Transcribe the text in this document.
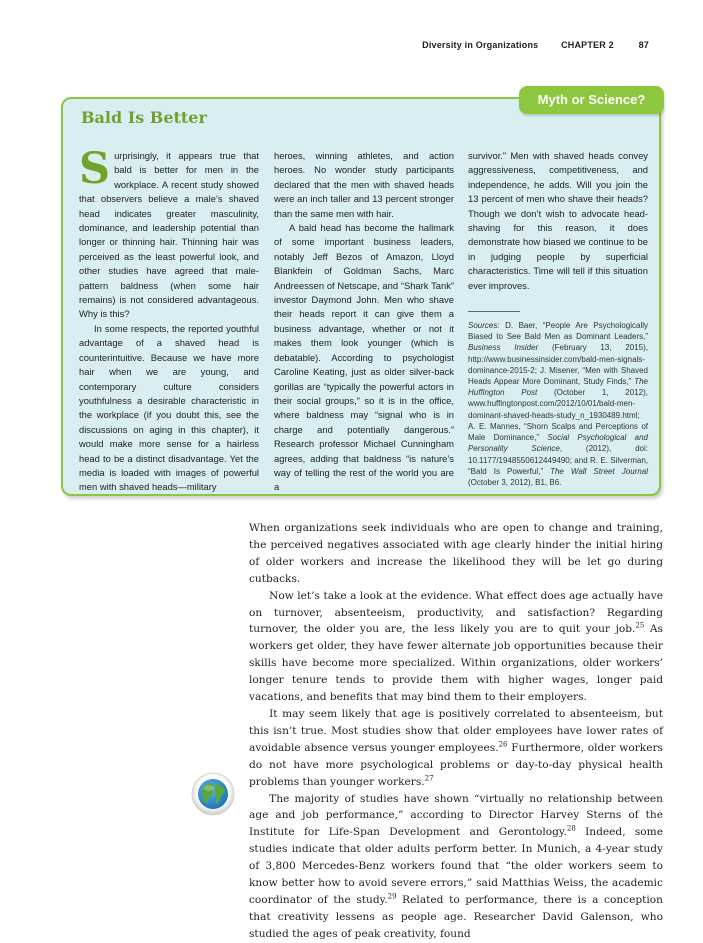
Diversity in Organizations	CHAPTER 2	87
Myth or Science?
Bald Is Better

Surprisingly, it appears true that bald is better for men in the workplace. A recent study showed that observers believe a male’s shaved head indicates greater masculinity, dominance, and leadership potential than longer or thinning hair. Thinning hair was perceived as the least powerful look, and other studies have agreed that male-pattern baldness (when some hair remains) is not considered advantageous. Why is this?

In some respects, the reported youthful advantage of a shaved head is counterintuitive. Because we have more hair when we are young, and contemporary culture considers youthfulness a desirable characteristic in the workplace (if you doubt this, see the discussions on aging in this chapter), it would make more sense for a hairless head to be a distinct disadvantage. Yet the media is loaded with images of powerful men with shaved heads—military

heroes, winning athletes, and action heroes. No wonder study participants declared that the men with shaved heads were an inch taller and 13 percent stronger than the same men with hair.

A bald head has become the hallmark of some important business leaders, notably Jeff Bezos of Amazon, Lloyd Blankfein of Goldman Sachs, Marc Andreessen of Netscape, and “Shark Tank” investor Daymond John. Men who shave their heads report it can give them a business advantage, whether or not it makes them look younger (which is debatable). According to psychologist Caroline Keating, just as older silver-back gorillas are “typically the powerful actors in their social groups,” so it is in the office, where baldness may “signal who is in charge and potentially dangerous.” Research professor Michael Cunningham agrees, adding that baldness “is nature’s way of telling the rest of the world you are a

survivor.” Men with shaved heads convey aggressiveness, competitiveness, and independence, he adds. Will you join the 13 percent of men who shave their heads? Though we don’t wish to advocate head-shaving for this reason, it does demonstrate how biased we continue to be in judging people by superficial characteristics. Time will tell if this situation ever improves.

Sources: D. Baer, “People Are Psychologically Biased to See Bald Men as Dominant Leaders,” Business Insider (February 13, 2015), http://www.businessinsider.com/bald-men-signals-dominance-2015-2; J. Misener, “Men with Shaved Heads Appear More Dominant, Study Finds,” The Huffington Post (October 1, 2012), www.huffingtonpost.com/2012/10/01/bald-men-dominant-shaved-heads-study_n_1930489.html; A. E. Mannes, “Shorn Scalps and Perceptions of Male Dominance,” Social Psychological and Personality Science, (2012), doi: 10.1177/1948550612449490; and R. E. Silverman, “Bald Is Powerful,” The Wall Street Journal (October 3, 2012), B1, B6.

When organizations seek individuals who are open to change and training, the perceived negatives associated with age clearly hinder the initial hiring of older workers and increase the likelihood they will be let go during cutbacks.

Now let’s take a look at the evidence. What effect does age actually have on turnover, absenteeism, productivity, and satisfaction? Regarding turnover, the older you are, the less likely you are to quit your job.$^{25}$ As workers get older, they have fewer alternate job opportunities because their skills have become more specialized. Within organizations, older workers’ longer tenure tends to provide them with higher wages, longer paid vacations, and benefits that may bind them to their employers.

It may seem likely that age is positively correlated to absenteeism, but this isn’t true. Most studies show that older employees have lower rates of avoidable absence versus younger employees.$^{26}$ Furthermore, older workers do not have more psychological problems or day-to-day physical health problems than younger workers.$^{27}$

The majority of studies have shown “virtually no relationship between age and job performance,” according to Director Harvey Sterns of the Institute for Life-Span Development and Gerontology.$^{28}$ Indeed, some studies indicate that older adults perform better. In Munich, a 4-year study of 3,800 Mercedes-Benz workers found that “the older workers seem to know better how to avoid severe errors,” said Matthias Weiss, the academic coordinator of the study.$^{29}$ Related to performance, there is a conception that creativity lessens as people age. Researcher David Galenson, who studied the ages of peak creativity, found
